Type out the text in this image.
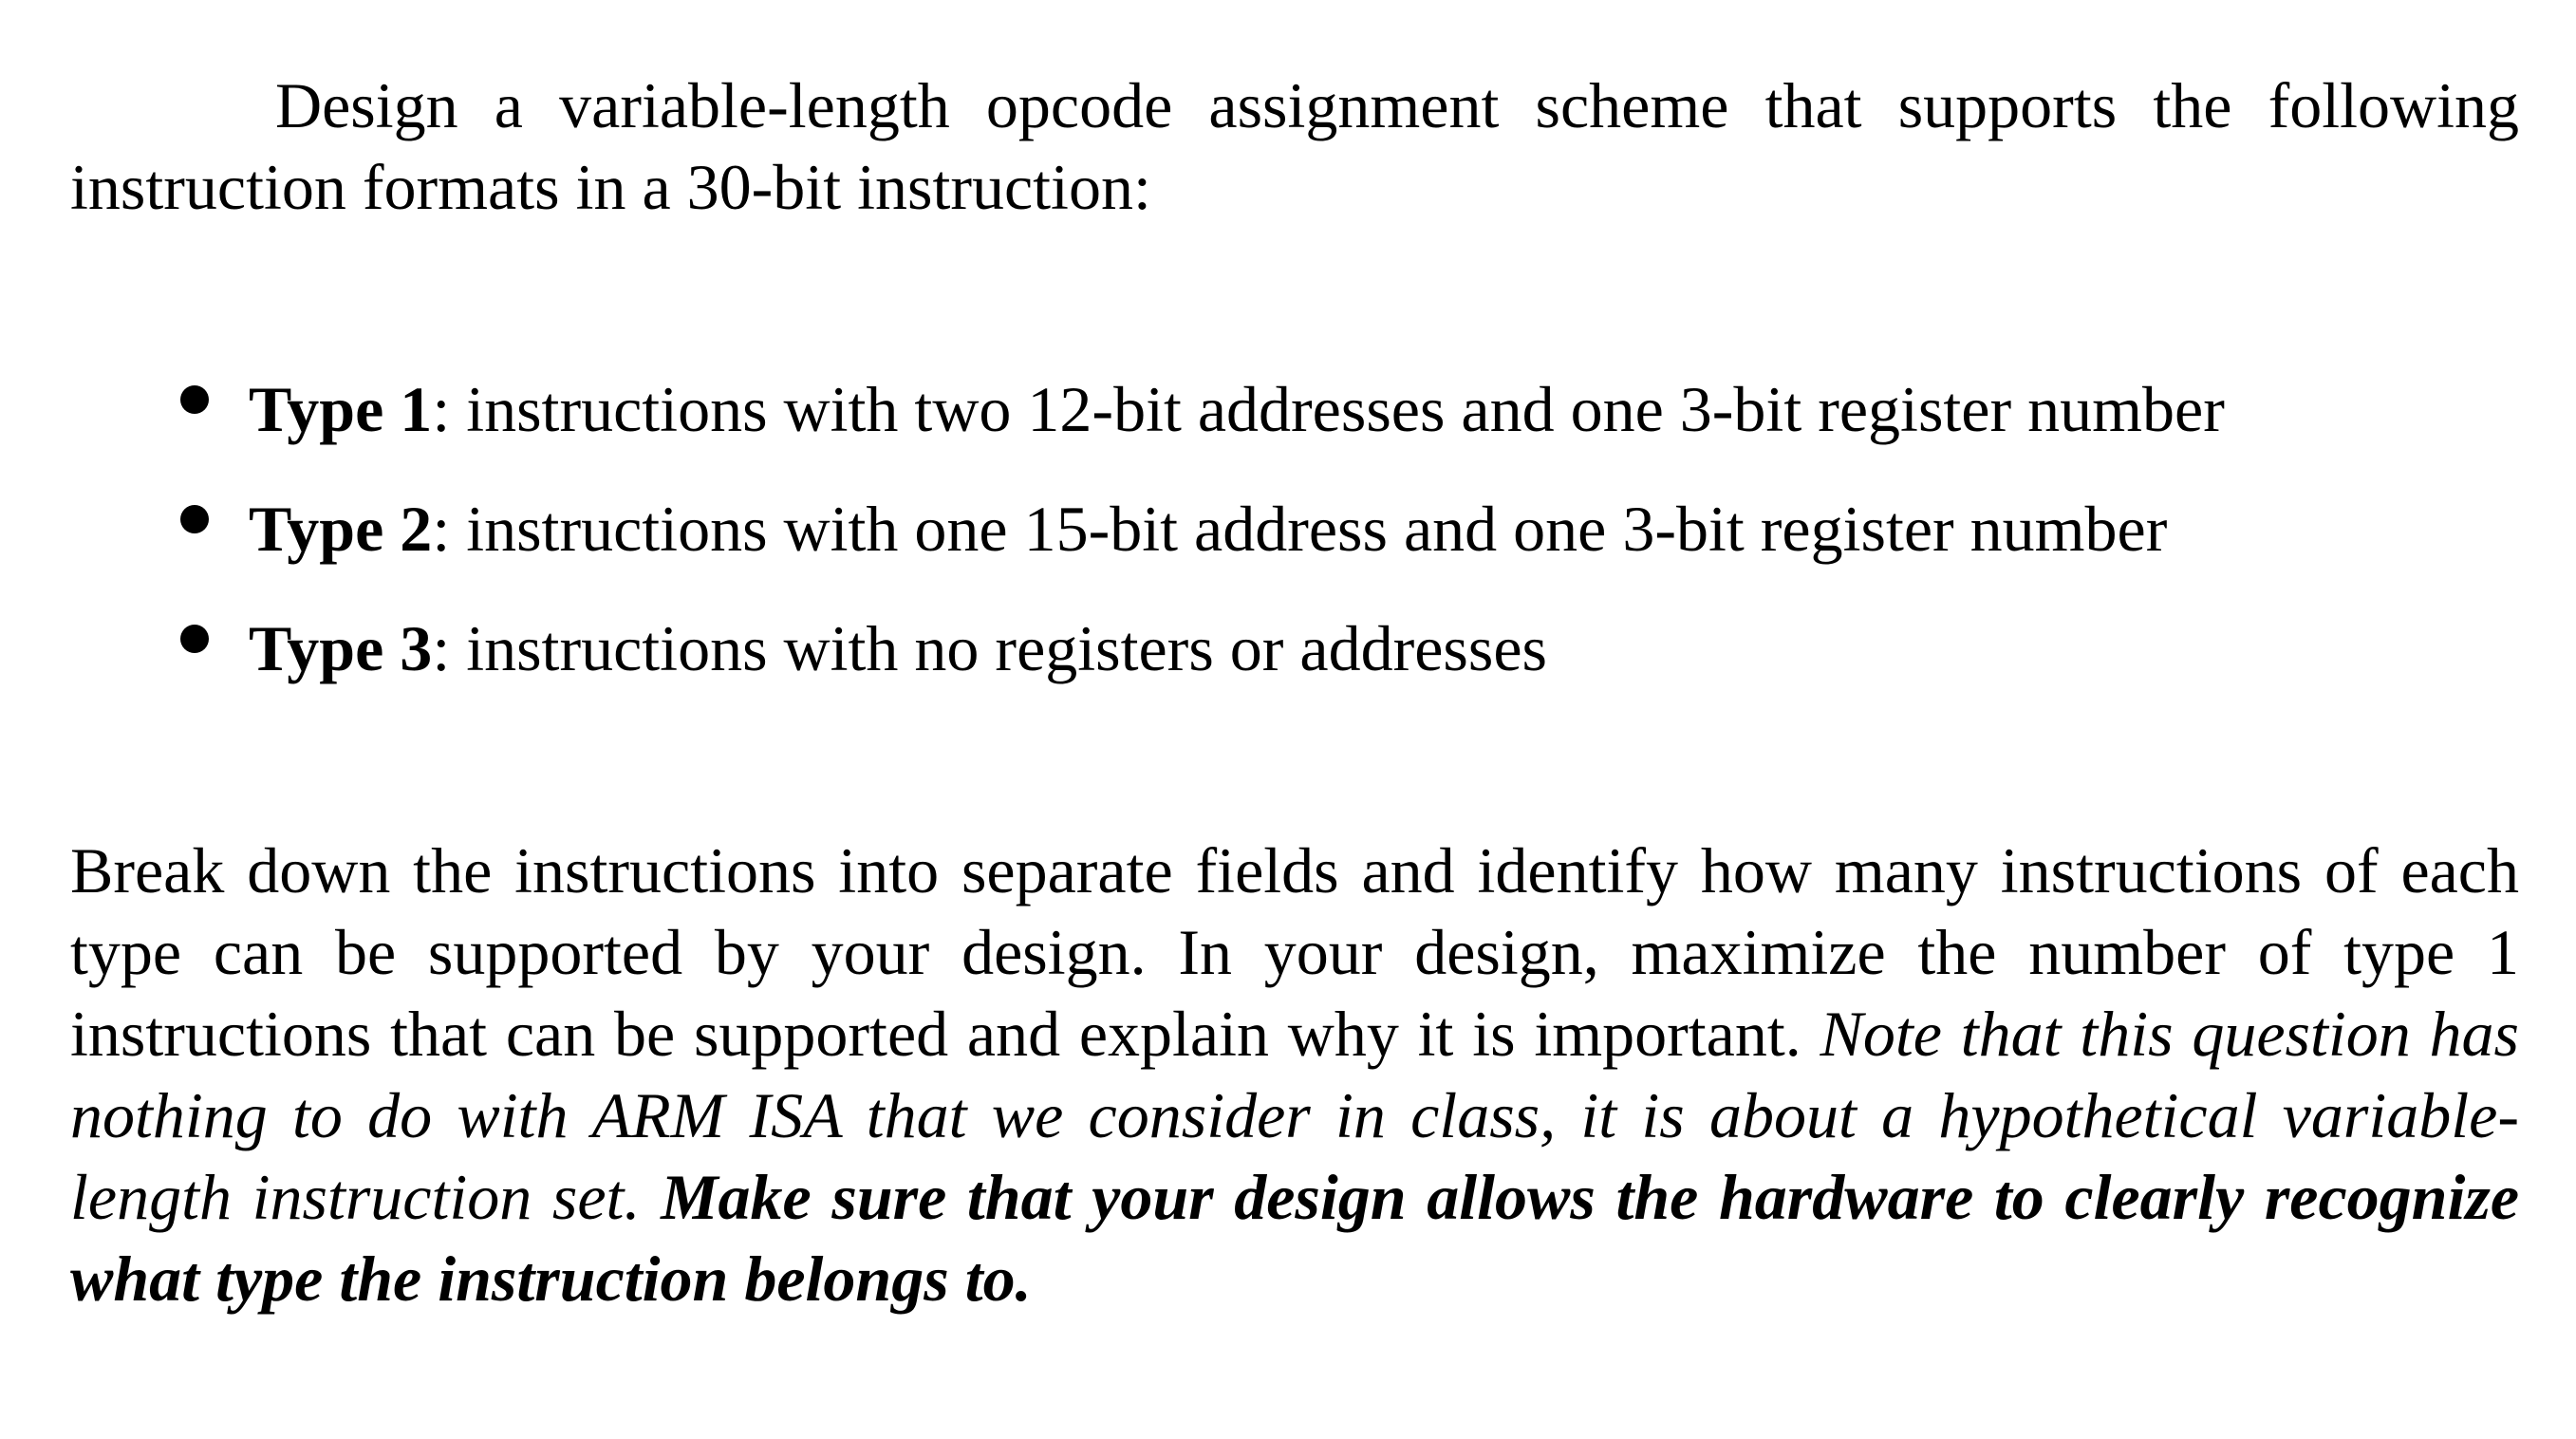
Design a variable-length opcode assignment scheme that supports the following instruction formats in a 30-bit instruction:

Type 1: instructions with two 12-bit addresses and one 3-bit register number
Type 2: instructions with one 15-bit address and one 3-bit register number
Type 3: instructions with no registers or addresses

Break down the instructions into separate fields and identify how many instructions of each type can be supported by your design. In your design, maximize the number of type 1 instructions that can be supported and explain why it is important. Note that this question has nothing to do with ARM ISA that we consider in class, it is about a hypothetical variable-length instruction set. Make sure that your design allows the hardware to clearly recognize what type the instruction belongs to.
